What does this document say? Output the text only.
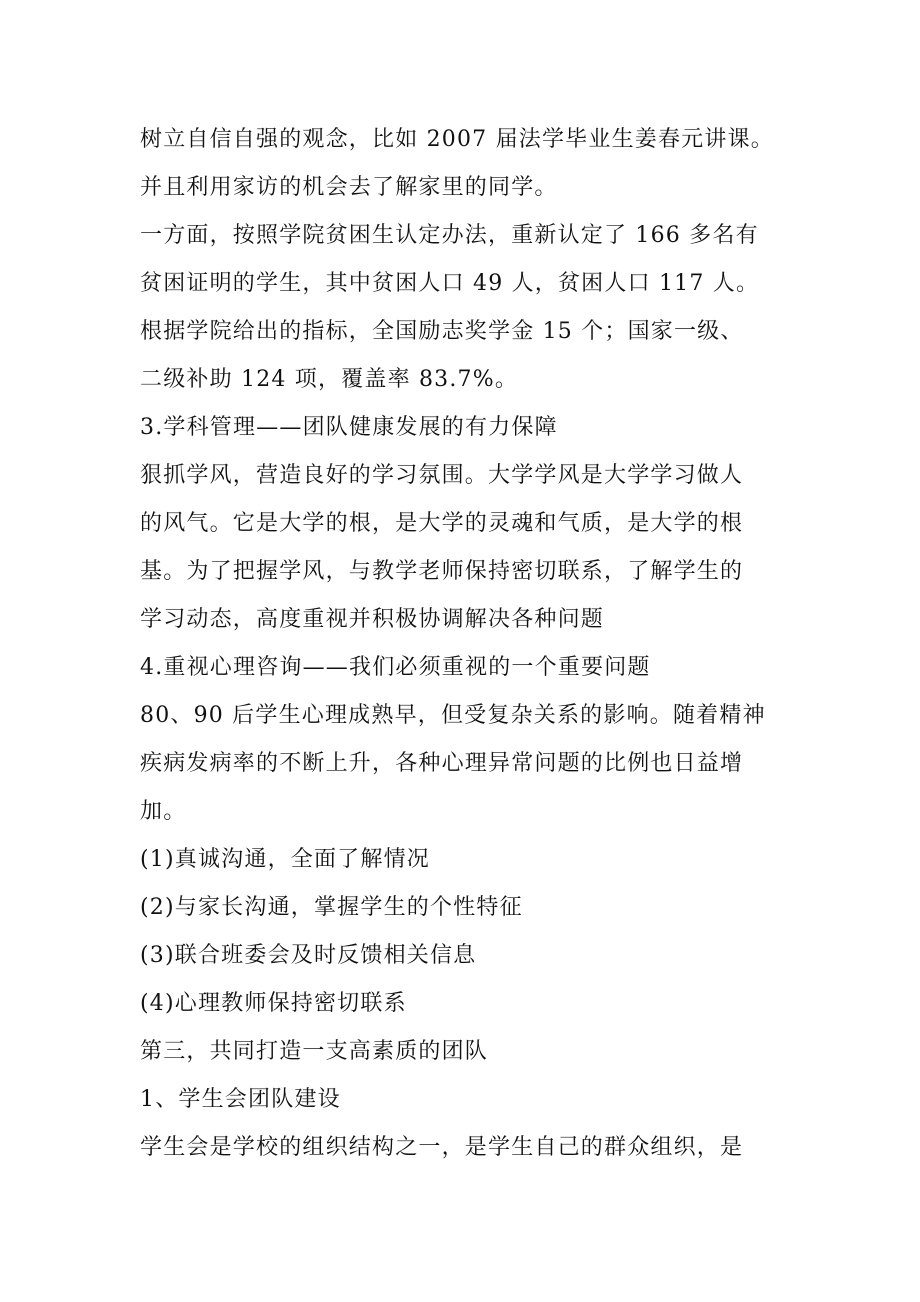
树立自信自强的观念，比如 2007 届法学毕业生姜春元讲课。
并且利用家访的机会去了解家里的同学。
一方面，按照学院贫困生认定办法，重新认定了 166 多名有
贫困证明的学生，其中贫困人口 49 人，贫困人口 117 人。
根据学院给出的指标，全国励志奖学金 15 个；国家一级、
二级补助 124 项，覆盖率 83.7%。
3.学科管理——团队健康发展的有力保障
狠抓学风，营造良好的学习氛围。大学学风是大学学习做人
的风气。它是大学的根，是大学的灵魂和气质，是大学的根
基。为了把握学风，与教学老师保持密切联系，了解学生的
学习动态，高度重视并积极协调解决各种问题
4.重视心理咨询——我们必须重视的一个重要问题
80、90 后学生心理成熟早，但受复杂关系的影响。随着精神
疾病发病率的不断上升，各种心理异常问题的比例也日益增
加。
(1)真诚沟通，全面了解情况
(2)与家长沟通，掌握学生的个性特征
(3)联合班委会及时反馈相关信息
(4)心理教师保持密切联系
第三，共同打造一支高素质的团队
1、学生会团队建设
学生会是学校的组织结构之一，是学生自己的群众组织，是
